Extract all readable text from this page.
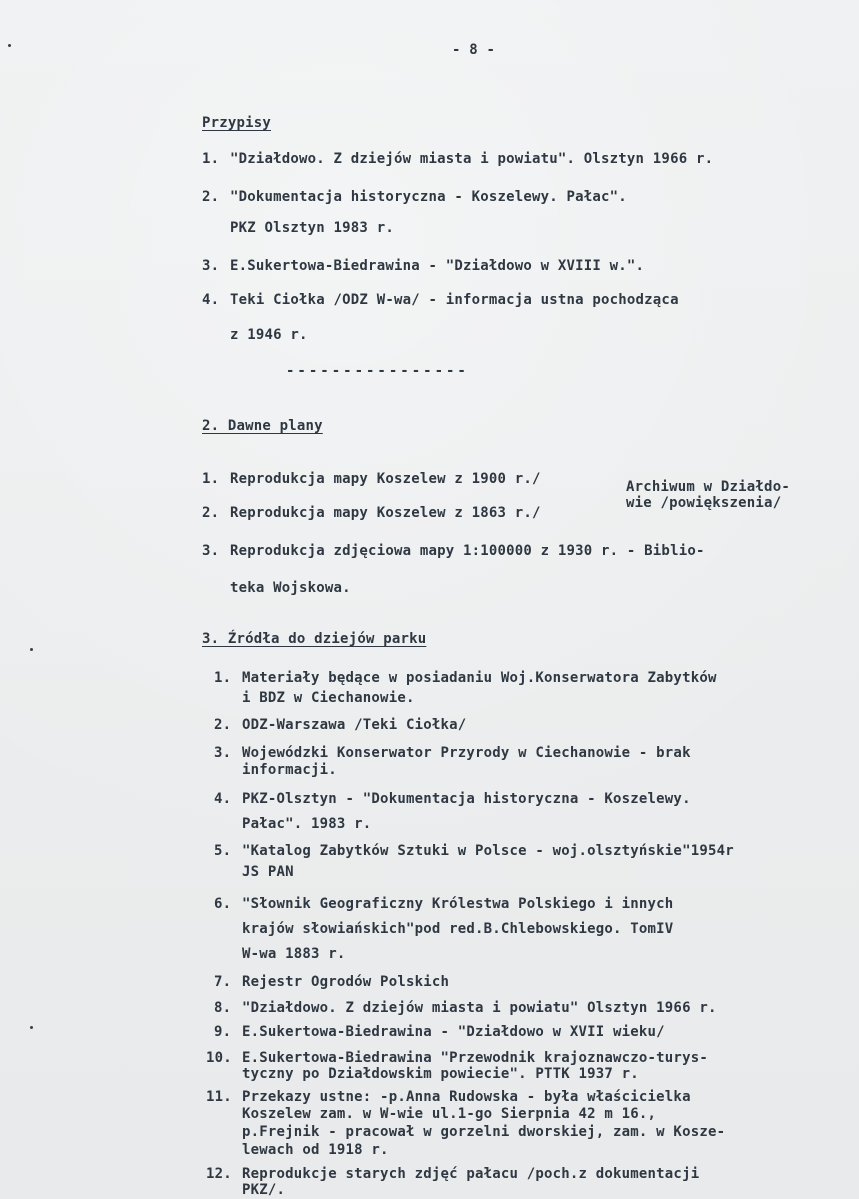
- 8 -
Przypisy
1. "Działdowo. Z dziejów miasta i powiatu". Olsztyn 1966 r.
2. "Dokumentacja historyczna - Koszelewy. Pałac".
PKZ Olsztyn 1983 r.
3. E.Sukertowa-Biedrawina - "Działdowo w XVIII w.".
4. Teki Ciołka /ODZ W-wa/ - informacja ustna pochodząca
z 1946 r.
----------------
2. Dawne plany
1. Reprodukcja mapy Koszelew z 1900 r./
2. Reprodukcja mapy Koszelew z 1863 r./
Archiwum w Działdo-
wie /powiększenia/
3. Reprodukcja zdjęciowa mapy 1:100000 z 1930 r. - Biblio-
teka Wojskowa.
3. Źródła do dziejów parku
1. Materiały będące w posiadaniu Woj.Konserwatora Zabytków
i BDZ w Ciechanowie.
2. ODZ-Warszawa /Teki Ciołka/
3. Wojewódzki Konserwator Przyrody w Ciechanowie - brak
informacji.
4. PKZ-Olsztyn - "Dokumentacja historyczna - Koszelewy.
Pałac". 1983 r.
5. "Katalog Zabytków Sztuki w Polsce - woj.olsztyńskie"1954r
JS PAN
6. "Słownik Geograficzny Królestwa Polskiego i innych
krajów słowiańskich"pod red.B.Chlebowskiego. TomIV
W-wa 1883 r.
7. Rejestr Ogrodów Polskich
8. "Działdowo. Z dziejów miasta i powiatu" Olsztyn 1966 r.
9. E.Sukertowa-Biedrawina - "Działdowo w XVII wieku/
10. E.Sukertowa-Biedrawina "Przewodnik krajoznawczo-turys-
tyczny po Działdowskim powiecie". PTTK 1937 r.
11. Przekazy ustne: -p.Anna Rudowska - była właścicielka
Koszelew zam. w W-wie ul.1-go Sierpnia 42 m 16.,
p.Frejnik - pracował w gorzelni dworskiej, zam. w Kosze-
lewach od 1918 r.
12. Reprodukcje starych zdjęć pałacu /poch.z dokumentacji
PKZ/.
